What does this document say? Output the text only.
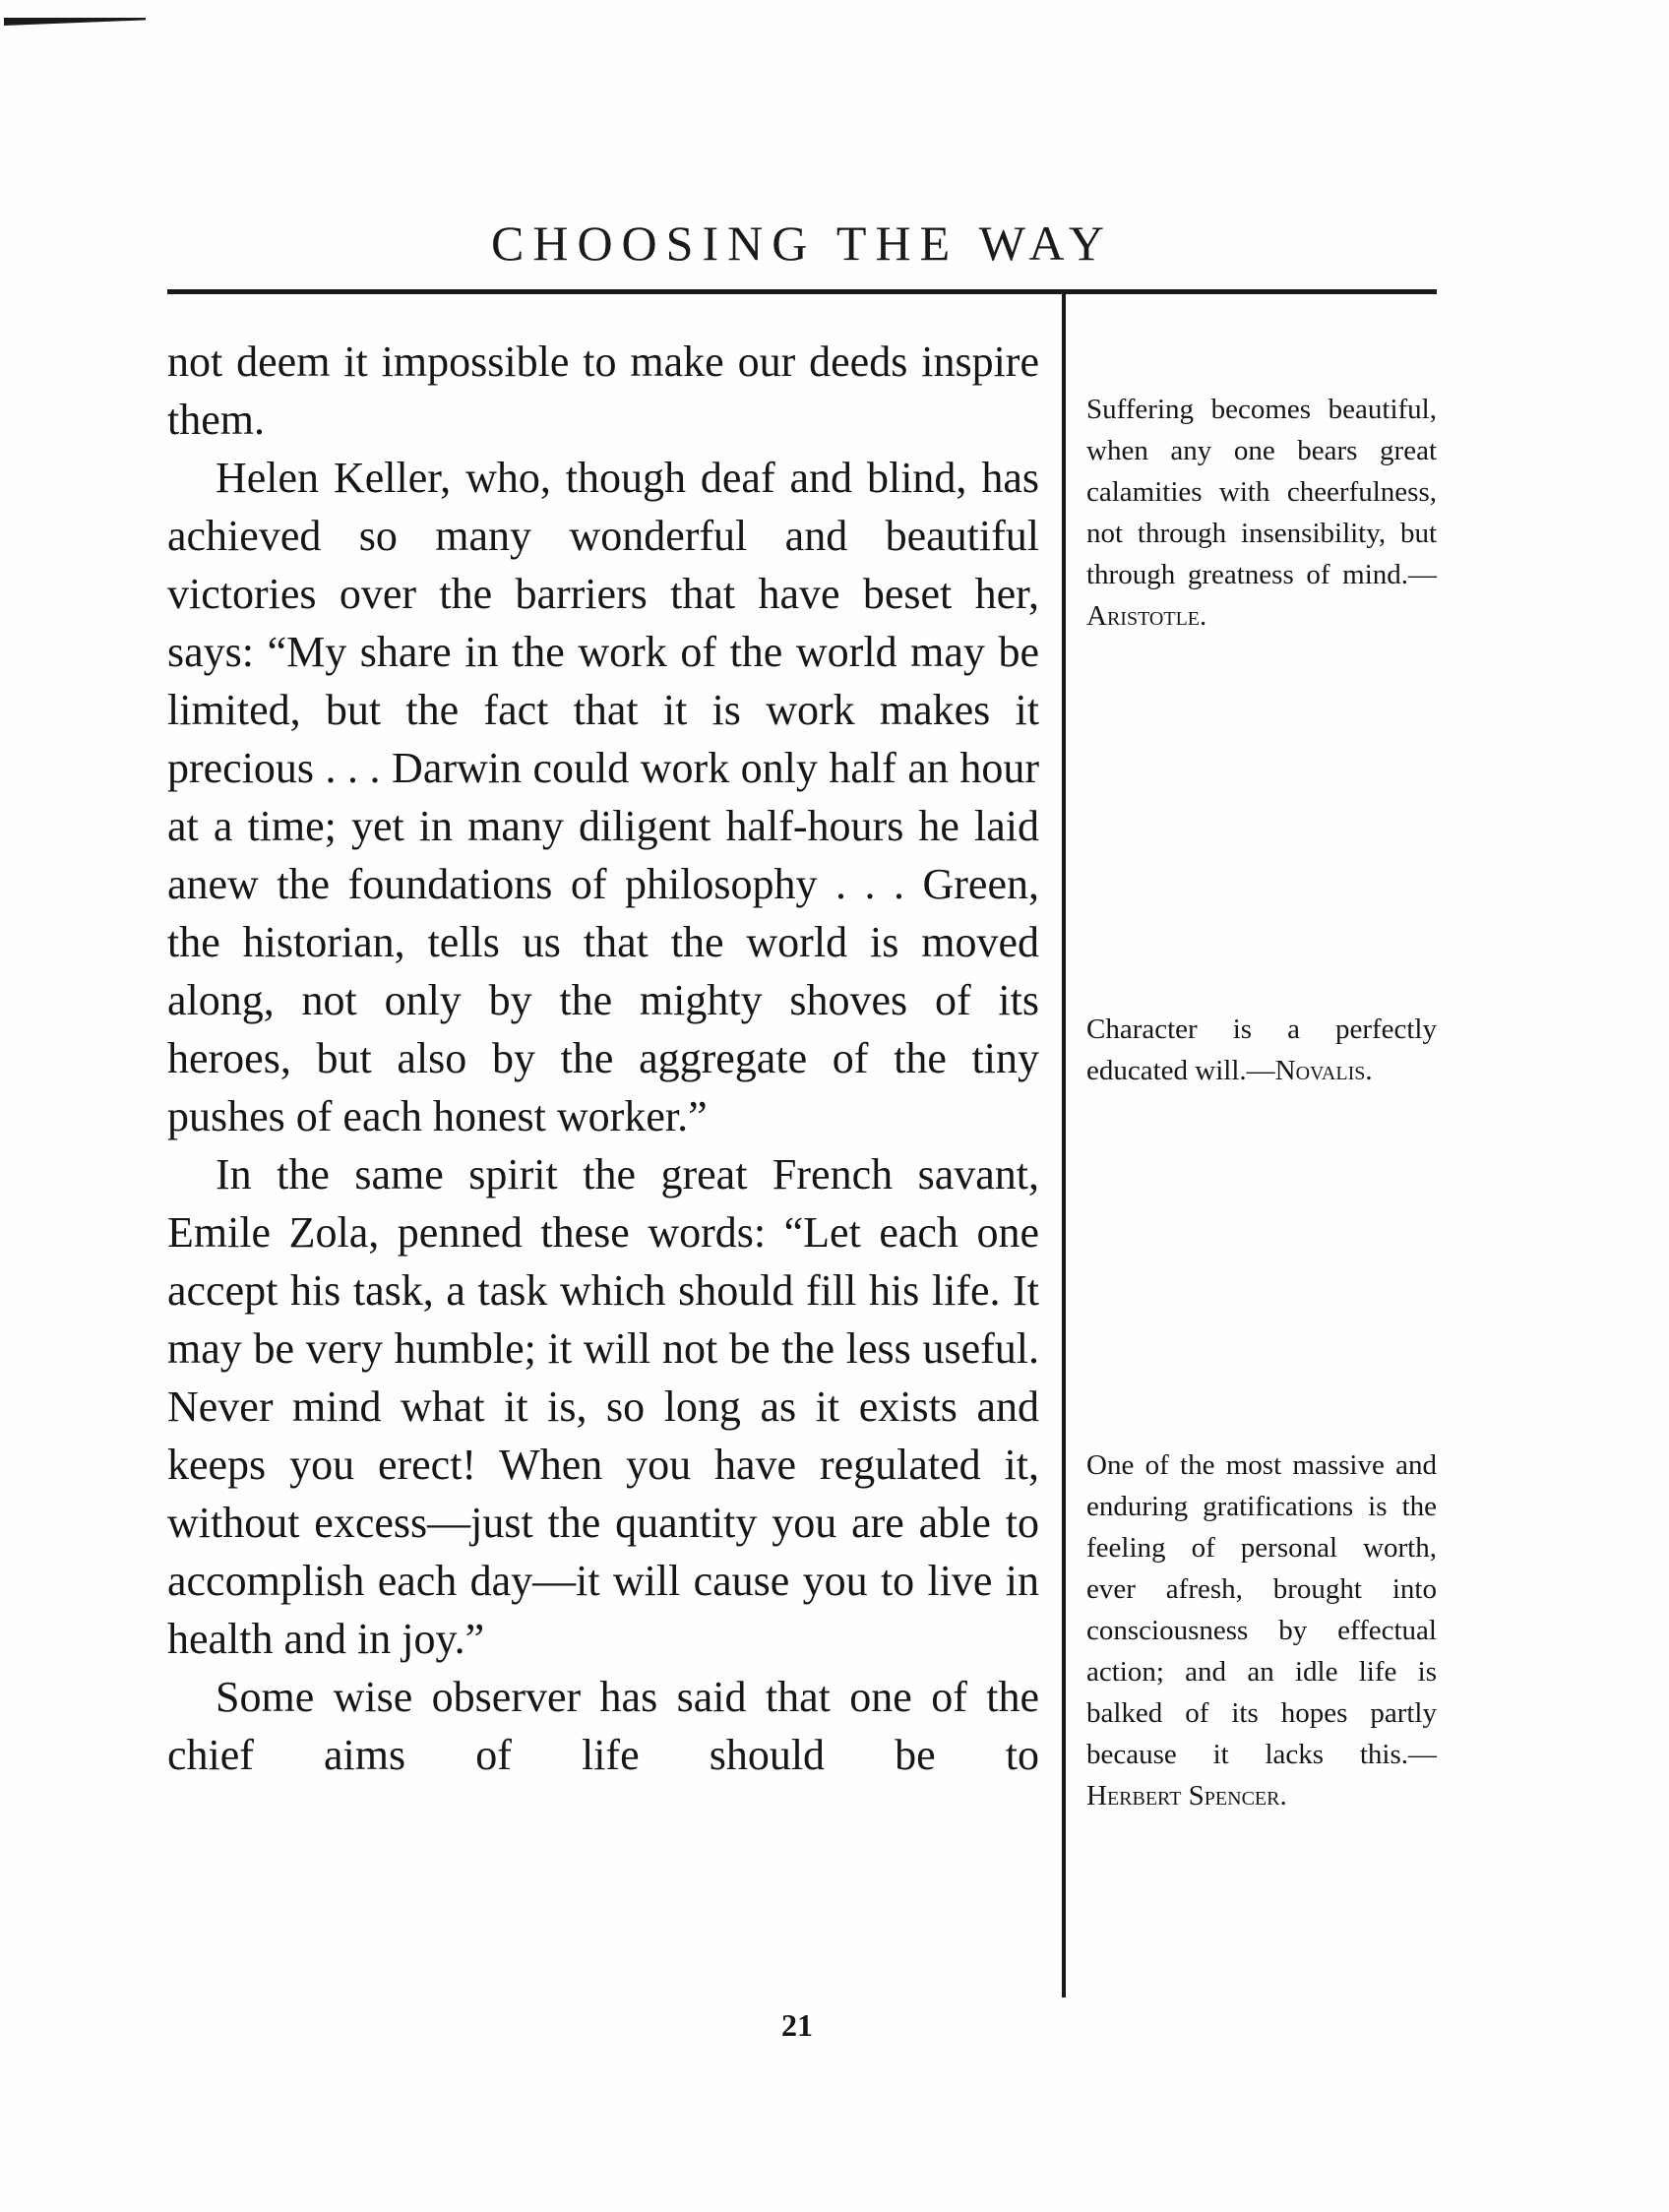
CHOOSING THE WAY

not deem it impossible to make our deeds inspire them.

Helen Keller, who, though deaf and blind, has achieved so many wonderful and beautiful victories over the barriers that have beset her, says: “My share in the work of the world may be limited, but the fact that it is work makes it precious . . . Darwin could work only half an hour at a time; yet in many diligent half-hours he laid anew the foundations of philosophy . . . Green, the historian, tells us that the world is moved along, not only by the mighty shoves of its heroes, but also by the aggregate of the tiny pushes of each honest worker.”

In the same spirit the great French savant, Emile Zola, penned these words: “Let each one accept his task, a task which should fill his life. It may be very humble; it will not be the less useful. Never mind what it is, so long as it exists and keeps you erect! When you have regulated it, without excess—just the quantity you are able to accomplish each day—it will cause you to live in health and in joy.”

Some wise observer has said that one of the chief aims of life should be to

Suffering becomes beautiful, when any one bears great calamities with cheerfulness, not through insensibility, but through greatness of mind.—Aristotle.

Character is a perfectly educated will.—Novalis.

One of the most massive and enduring gratifications is the feeling of personal worth, ever afresh, brought into consciousness by effectual action; and an idle life is balked of its hopes partly because it lacks this.—Herbert Spencer.

21
